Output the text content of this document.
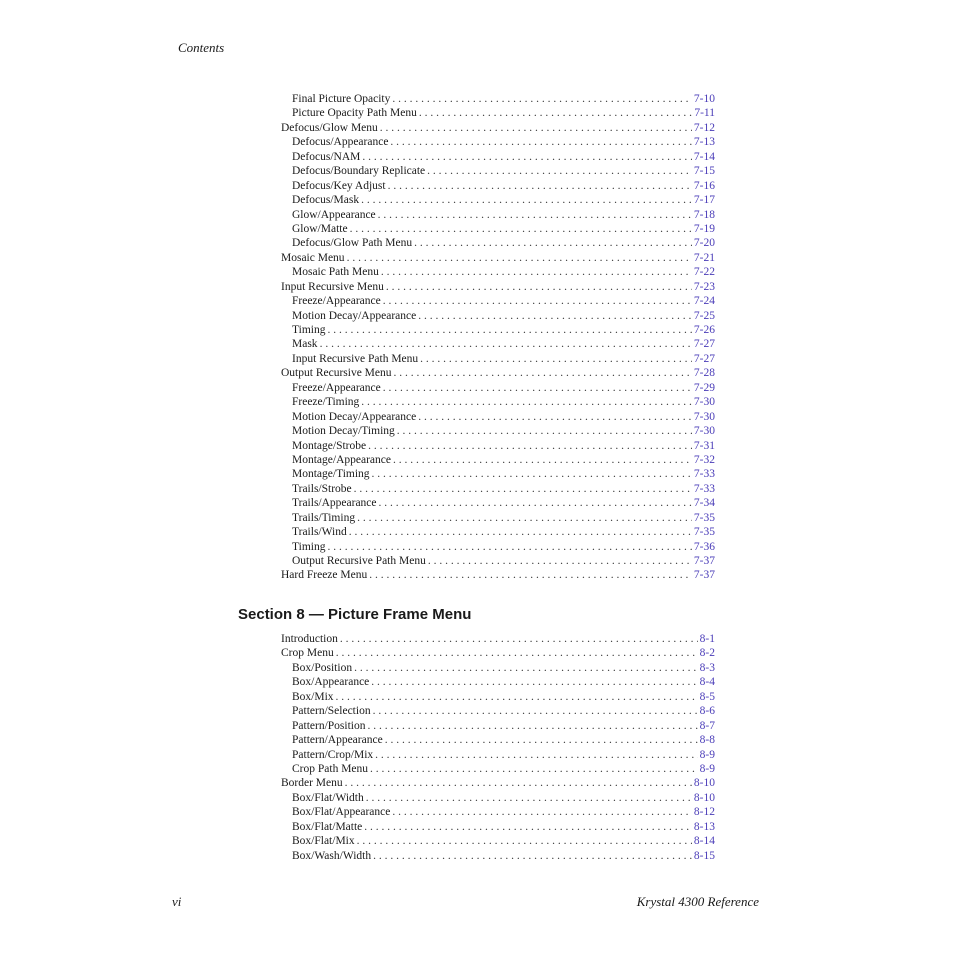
Contents
Final Picture Opacity . . .	7-10
Picture Opacity Path Menu . . .	7-11
Defocus/Glow Menu . . .	7-12
Defocus/Appearance . . .	7-13
Defocus/NAM . . .	7-14
Defocus/Boundary Replicate . . .	7-15
Defocus/Key Adjust . . .	7-16
Defocus/Mask . . .	7-17
Glow/Appearance . . .	7-18
Glow/Matte . . .	7-19
Defocus/Glow Path Menu . . .	7-20
Mosaic Menu . . .	7-21
Mosaic Path Menu . . .	7-22
Input Recursive Menu . . .	7-23
Freeze/Appearance . . .	7-24
Motion Decay/Appearance . . .	7-25
Timing . . .	7-26
Mask . . .	7-27
Input Recursive Path Menu . . .	7-27
Output Recursive Menu . . .	7-28
Freeze/Appearance . . .	7-29
Freeze/Timing . . .	7-30
Motion Decay/Appearance . . .	7-30
Motion Decay/Timing . . .	7-30
Montage/Strobe . . .	7-31
Montage/Appearance . . .	7-32
Montage/Timing . . .	7-33
Trails/Strobe . . .	7-33
Trails/Appearance . . .	7-34
Trails/Timing . . .	7-35
Trails/Wind . . .	7-35
Timing . . .	7-36
Output Recursive Path Menu . . .	7-37
Hard Freeze Menu . . .	7-37
Section 8 — Picture Frame Menu
Introduction . . .	8-1
Crop Menu . . .	8-2
Box/Position . . .	8-3
Box/Appearance . . .	8-4
Box/Mix . . .	8-5
Pattern/Selection . . .	8-6
Pattern/Position . . .	8-7
Pattern/Appearance . . .	8-8
Pattern/Crop/Mix . . .	8-9
Crop Path Menu . . .	8-9
Border Menu . . .	8-10
Box/Flat/Width . . .	8-10
Box/Flat/Appearance . . .	8-12
Box/Flat/Matte . . .	8-13
Box/Flat/Mix . . .	8-14
Box/Wash/Width . . .	8-15
vi	Krystal 4300 Reference
